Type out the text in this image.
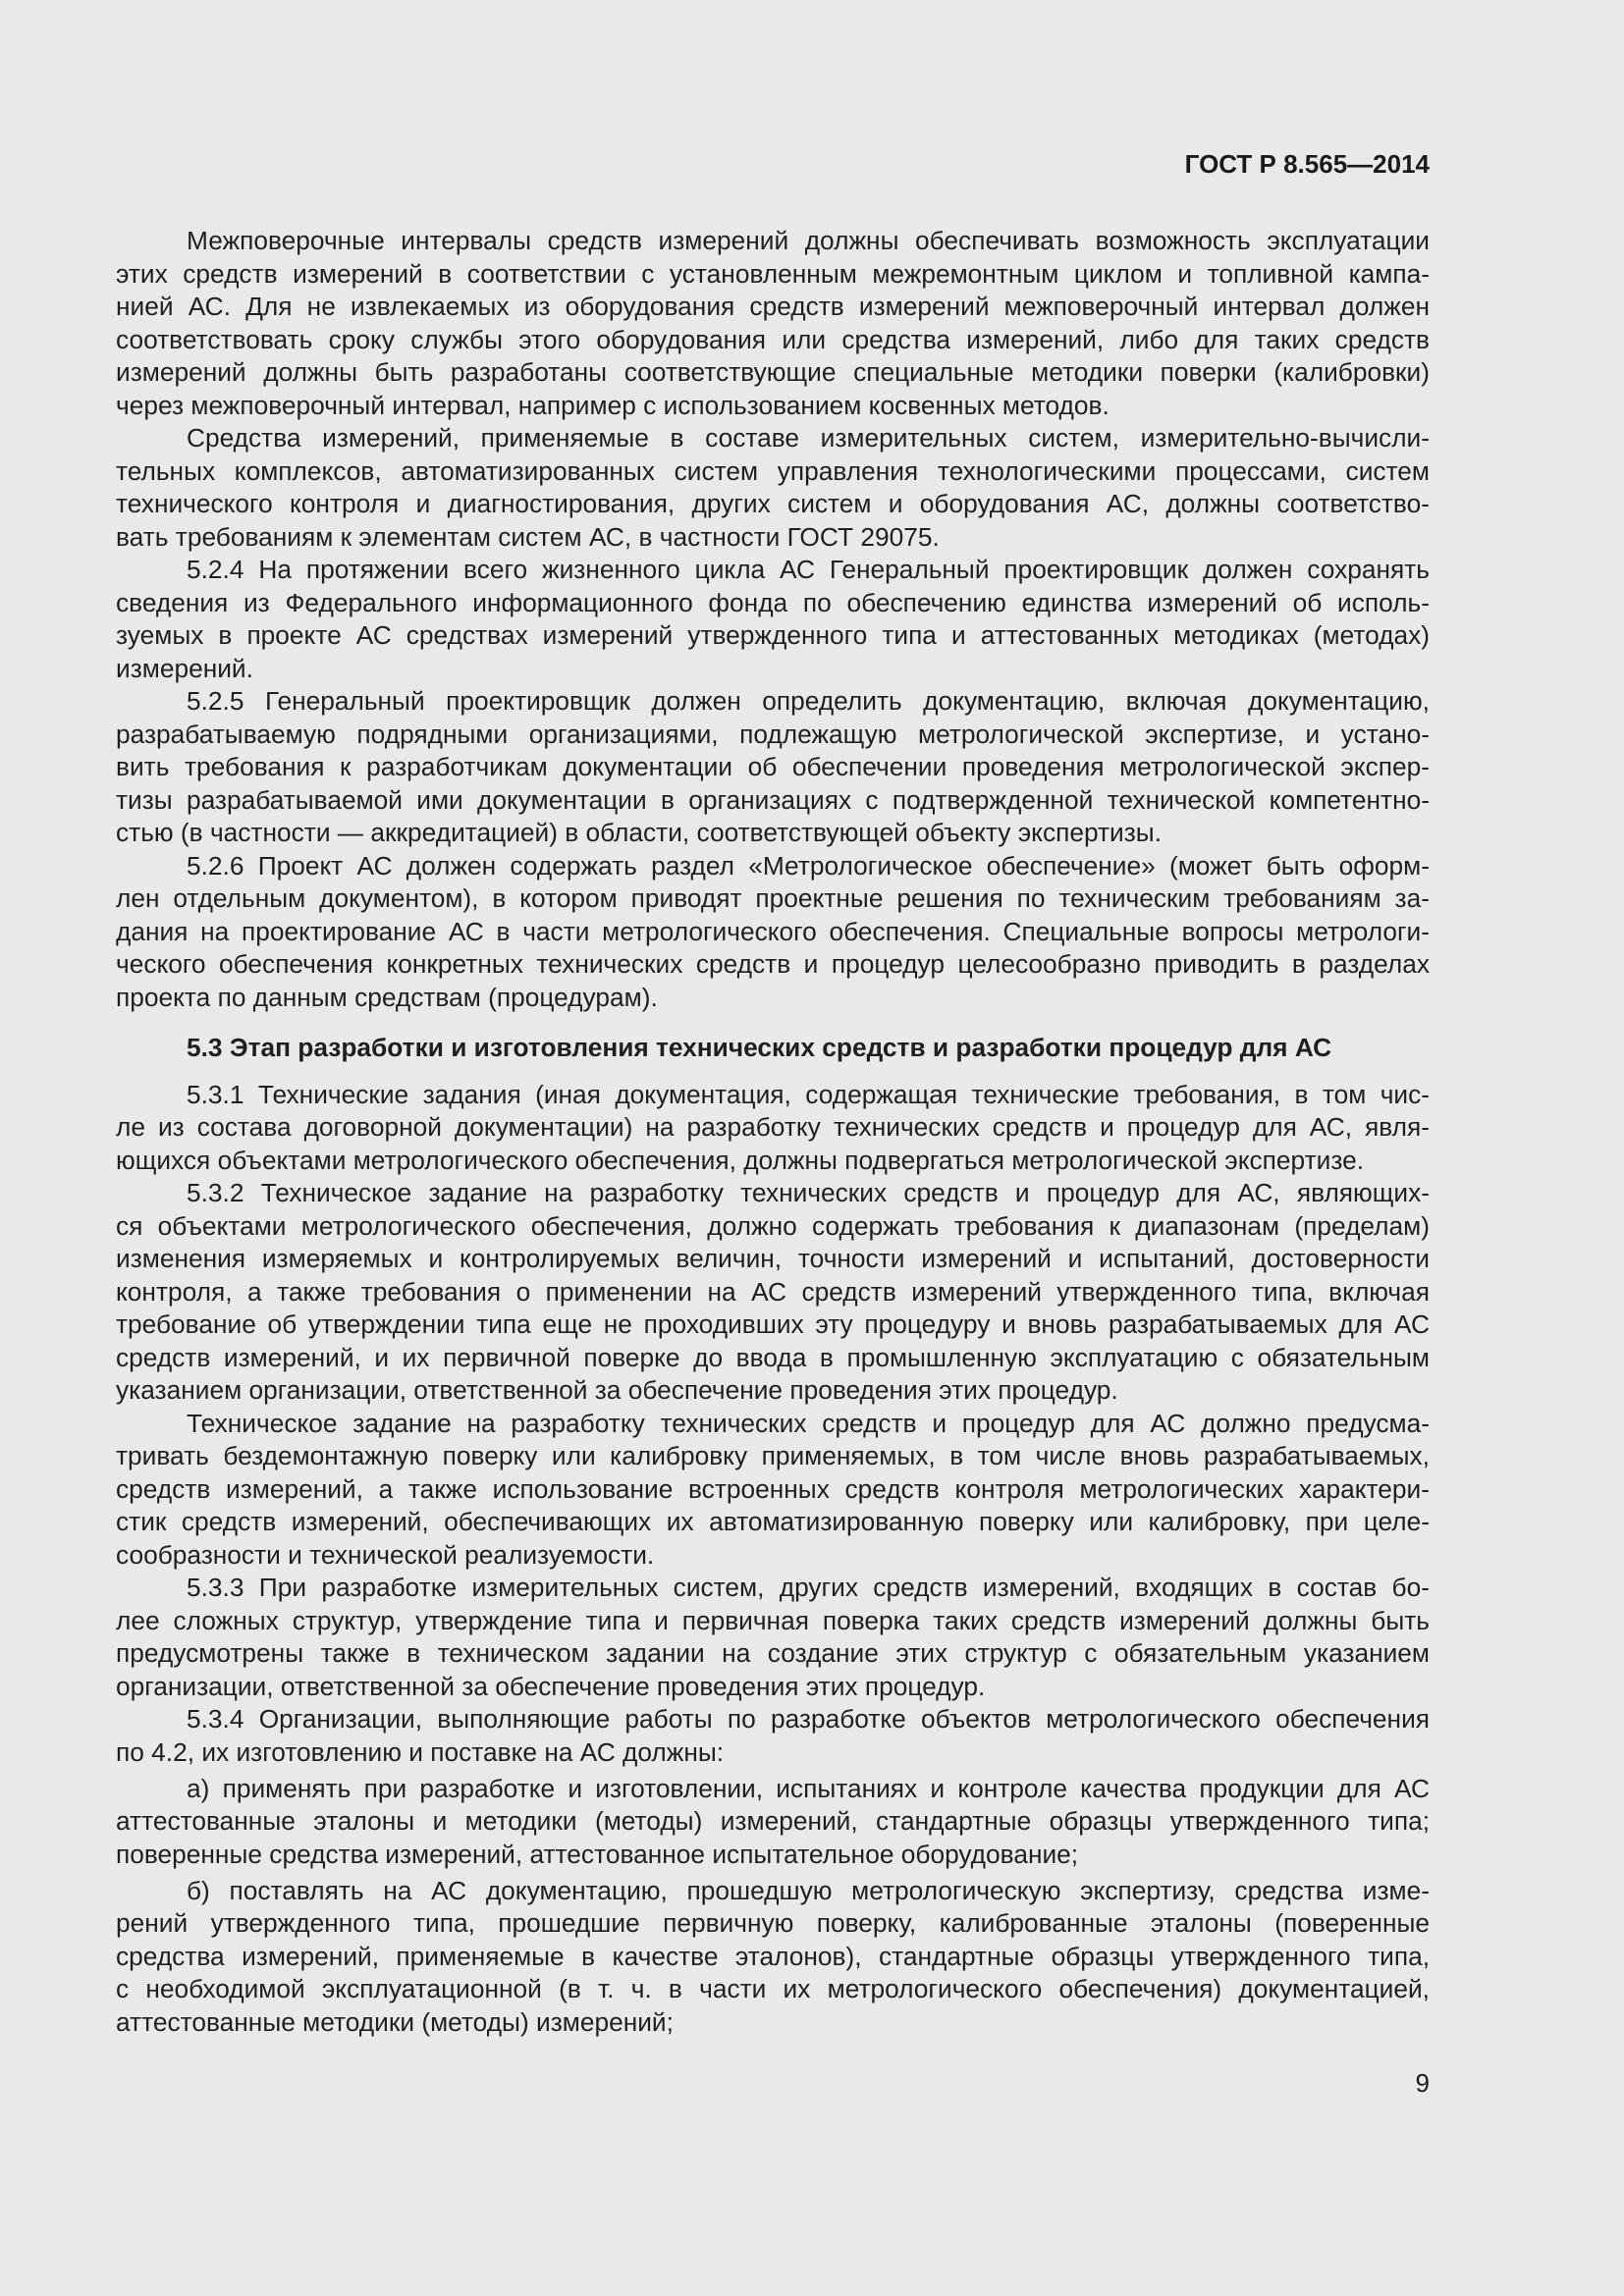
ГОСТ Р 8.565—2014
Межповерочные интервалы средств измерений должны обеспечивать возможность эксплуатации
этих средств измерений в соответствии с установленным межремонтным циклом и топливной кампа-
нией АС. Для не извлекаемых из оборудования средств измерений межповерочный интервал должен
соответствовать сроку службы этого оборудования или средства измерений, либо для таких средств
измерений должны быть разработаны соответствующие специальные методики поверки (калибровки)
через межповерочный интервал, например с использованием косвенных методов.
Средства измерений, применяемые в составе измерительных систем, измерительно-вычисли-
тельных комплексов, автоматизированных систем управления технологическими процессами, систем
технического контроля и диагностирования, других систем и оборудования АС, должны соответство-
вать требованиям к элементам систем АС, в частности ГОСТ 29075.
5.2.4 На протяжении всего жизненного цикла АС Генеральный проектировщик должен сохранять
сведения из Федерального информационного фонда по обеспечению единства измерений об исполь-
зуемых в проекте АС средствах измерений утвержденного типа и аттестованных методиках (методах)
измерений.
5.2.5 Генеральный проектировщик должен определить документацию, включая документацию,
разрабатываемую подрядными организациями, подлежащую метрологической экспертизе, и устано-
вить требования к разработчикам документации об обеспечении проведения метрологической экспер-
тизы разрабатываемой ими документации в организациях с подтвержденной технической компетентно-
стью (в частности — аккредитацией) в области, соответствующей объекту экспертизы.
5.2.6 Проект АС должен содержать раздел «Метрологическое обеспечение» (может быть оформ-
лен отдельным документом), в котором приводят проектные решения по техническим требованиям за-
дания на проектирование АС в части метрологического обеспечения. Специальные вопросы метрологи-
ческого обеспечения конкретных технических средств и процедур целесообразно приводить в разделах
проекта по данным средствам (процедурам).
5.3 Этап разработки и изготовления технических средств и разработки процедур для АС
5.3.1 Технические задания (иная документация, содержащая технические требования, в том чис-
ле из состава договорной документации) на разработку технических средств и процедур для АС, явля-
ющихся объектами метрологического обеспечения, должны подвергаться метрологической экспертизе.
5.3.2 Техническое задание на разработку технических средств и процедур для АС, являющих-
ся объектами метрологического обеспечения, должно содержать требования к диапазонам (пределам)
изменения измеряемых и контролируемых величин, точности измерений и испытаний, достоверности
контроля, а также требования о применении на АС средств измерений утвержденного типа, включая
требование об утверждении типа еще не проходивших эту процедуру и вновь разрабатываемых для АС
средств измерений, и их первичной поверке до ввода в промышленную эксплуатацию с обязательным
указанием организации, ответственной за обеспечение проведения этих процедур.
Техническое задание на разработку технических средств и процедур для АС должно предусма-
тривать бездемонтажную поверку или калибровку применяемых, в том числе вновь разрабатываемых,
средств измерений, а также использование встроенных средств контроля метрологических характери-
стик средств измерений, обеспечивающих их автоматизированную поверку или калибровку, при целе-
сообразности и технической реализуемости.
5.3.3 При разработке измерительных систем, других средств измерений, входящих в состав бо-
лее сложных структур, утверждение типа и первичная поверка таких средств измерений должны быть
предусмотрены также в техническом задании на создание этих структур с обязательным указанием
организации, ответственной за обеспечение проведения этих процедур.
5.3.4 Организации, выполняющие работы по разработке объектов метрологического обеспечения
по 4.2, их изготовлению и поставке на АС должны:
а) применять при разработке и изготовлении, испытаниях и контроле качества продукции для АС
аттестованные эталоны и методики (методы) измерений, стандартные образцы утвержденного типа;
поверенные средства измерений, аттестованное испытательное оборудование;
б) поставлять на АС документацию, прошедшую метрологическую экспертизу, средства изме-
рений утвержденного типа, прошедшие первичную поверку, калиброванные эталоны (поверенные
средства измерений, применяемые в качестве эталонов), стандартные образцы утвержденного типа,
с необходимой эксплуатационной (в т. ч. в части их метрологического обеспечения) документацией,
аттестованные методики (методы) измерений;
9
